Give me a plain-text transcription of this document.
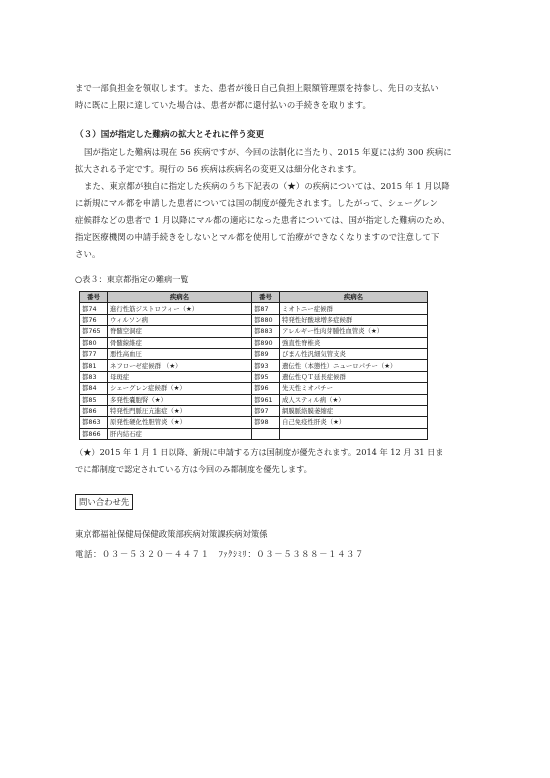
まで一部負担金を領収します。また、患者が後日自己負担上限額管理票を持参し、先日の支払い

時に既に上限に達していた場合は、患者が都に還付払いの手続きを取ります。

（３）国が指定した難病の拡大とそれに伴う変更

国が指定した難病は現在 56 疾病ですが、今回の法制化に当たり、2015 年夏には約 300 疾病に

拡大される予定です。現行の 56 疾病は疾病名の変更又は細分化されます。

また、東京都が独自に指定した疾病のうち下記表の（★）の疾病については、2015 年 1 月以降

に新規にマル都を申請した患者については国の制度が優先されます。したがって、シェーグレン

症候群などの患者で 1 月以降にマル都の適応になった患者については、国が指定した難病のため、

指定医療機関の申請手続きをしないとマル都を使用して治療ができなくなりますので注意して下

さい。

○表３：東京都指定の難病一覧
番号	疾病名	番号	疾病名
都74	進行性筋ジストロフィー（★）	都87	ミオトニー症候群
都76	ウィルソン病	都880	特発性好酸球増多症候群
都765	脊髄空洞症	都883	アレルギー性肉芽腫性血管炎（★）
都80	骨髄線維症	都890	強直性脊椎炎
都77	悪性高血圧	都89	びまん性汎細気管支炎
都81	ネフローゼ症候群 （★）	都93	遺伝性（本態性）ニューロパチー（★）
都83	母斑症	都95	遺伝性ＱＴ延長症候群
都84	シェーグレン症候群（★）	都96	先天性ミオパチー
都85	多発性嚢胞腎（★）	都961	成人スティル病（★）
都86	特発性門脈圧亢進症（★）	都97	網膜脈絡膜萎縮症
都863	原発性硬化性胆管炎（★）	都98	自己免疫性肝炎（★）
都866	肝内結石症		
（★）2015 年 1 月 1 日以降、新規に申請する方は国制度が優先されます。2014 年 12 月 31 日ま
でに都制度で認定されている方は今回のみ都制度を優先します。
問い合わせ先
東京都福祉保健局保健政策部疾病対策課疾病対策係
電話：０３－５３２０－４４７１　ﾌｧｸｼﾐﾘ：０３－５３８８－１４３７
